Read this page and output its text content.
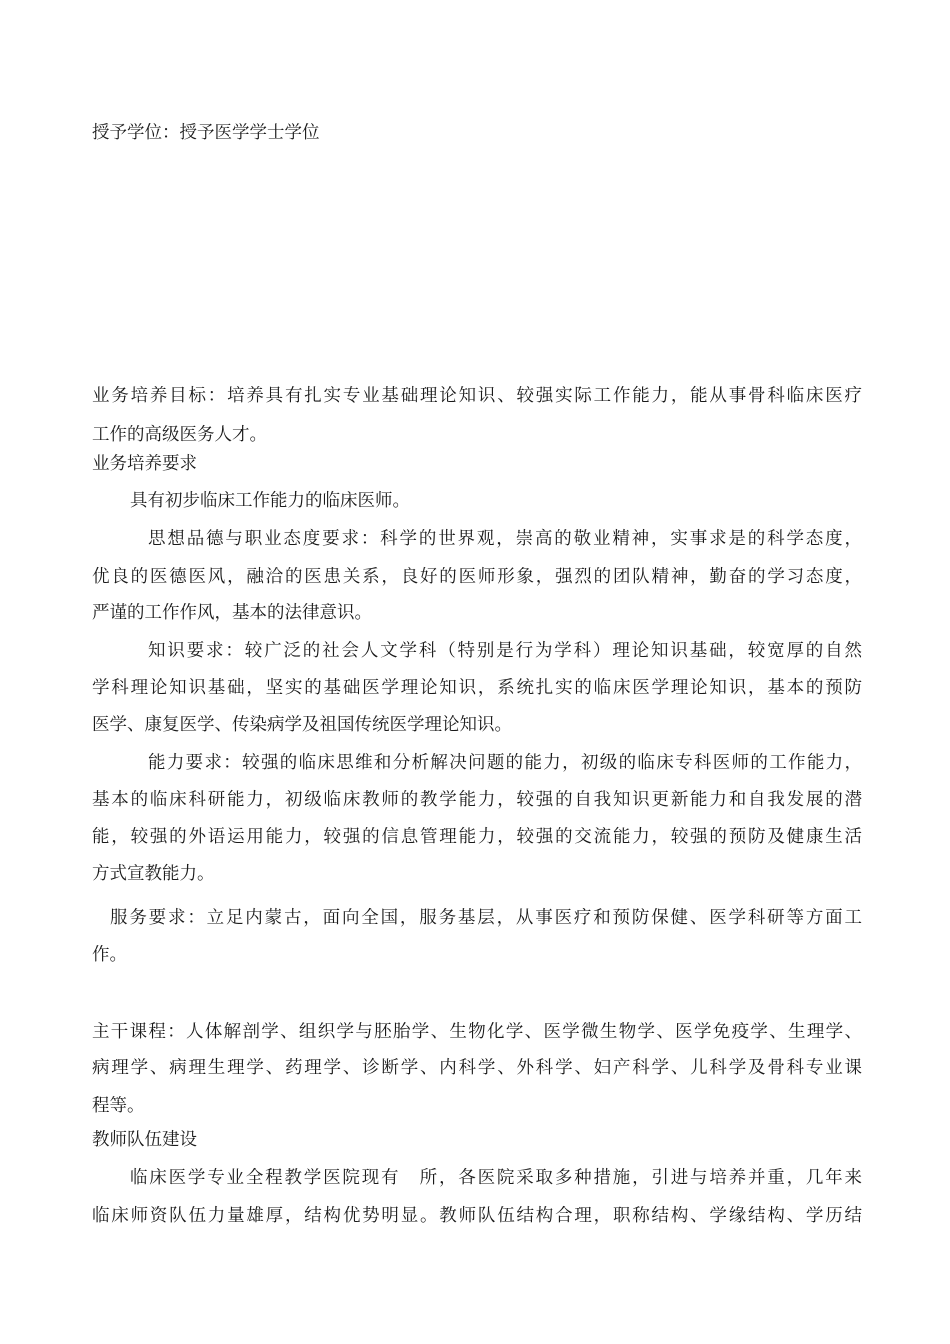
授予学位：授予医学学士学位
业务培养目标：培养具有扎实专业基础理论知识、较强实际工作能力，能从事骨科临床医疗
工作的高级医务人才。
业务培养要求
具有初步临床工作能力的临床医师。
思想品德与职业态度要求：科学的世界观，崇高的敬业精神，实事求是的科学态度，
优良的医德医风，融洽的医患关系，良好的医师形象，强烈的团队精神，勤奋的学习态度，
严谨的工作作风，基本的法律意识。
知识要求：较广泛的社会人文学科（特别是行为学科）理论知识基础，较宽厚的自然
学科理论知识基础，坚实的基础医学理论知识，系统扎实的临床医学理论知识，基本的预防
医学、康复医学、传染病学及祖国传统医学理论知识。
能力要求：较强的临床思维和分析解决问题的能力，初级的临床专科医师的工作能力，
基本的临床科研能力，初级临床教师的教学能力，较强的自我知识更新能力和自我发展的潜
能，较强的外语运用能力，较强的信息管理能力，较强的交流能力，较强的预防及健康生活
方式宣教能力。
服务要求：立足内蒙古，面向全国，服务基层，从事医疗和预防保健、医学科研等方面工
作。
主干课程：人体解剖学、组织学与胚胎学、生物化学、医学微生物学、医学免疫学、生理学、
病理学、病理生理学、药理学、诊断学、内科学、外科学、妇产科学、儿科学及骨科专业课
程等。
教师队伍建设
临床医学专业全程教学医院现有　所，各医院采取多种措施，引进与培养并重，几年来
临床师资队伍力量雄厚，结构优势明显。教师队伍结构合理，职称结构、学缘结构、学历结
